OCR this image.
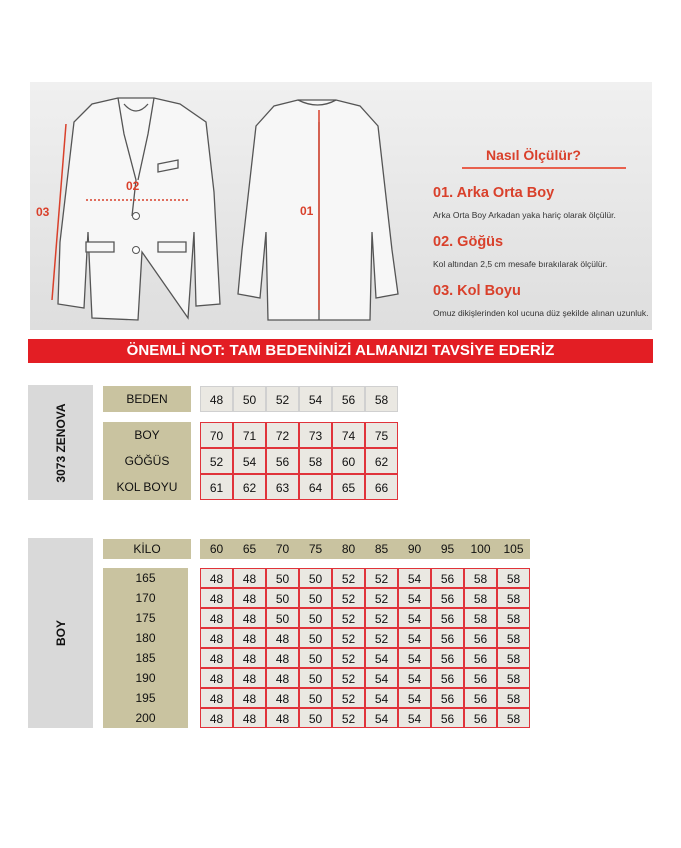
02
03	01
Nasıl Ölçülür?
01. Arka Orta Boy
Arka Orta Boy Arkadan yaka hariç olarak ölçülür.
02. Göğüs
Kol altından 2,5 cm mesafe bırakılarak ölçülür.
03. Kol Boyu
Omuz dikişlerinden kol ucuna düz şekilde alınan uzunluk.
ÖNEMLİ NOT: TAM BEDENİNİZİ ALMANIZI TAVSİYE EDERİZ
3073 ZENOVA
BEDEN	48	50	52	54	56	58
BOY	70	71	72	73	74	75
GÖĞÜS	52	54	56	58	60	62
KOL BOYU	61	62	63	64	65	66
BOY
KİLO	60	65	70	75	80	85	90	95	100	105
165	48	48	50	50	52	52	54	56	58	58
170	48	48	50	50	52	52	54	56	58	58
175	48	48	50	50	52	52	54	56	58	58
180	48	48	48	50	52	52	54	56	56	58
185	48	48	48	50	52	54	54	56	56	58
190	48	48	48	50	52	54	54	56	56	58
195	48	48	48	50	52	54	54	56	56	58
200	48	48	48	50	52	54	54	56	56	58
